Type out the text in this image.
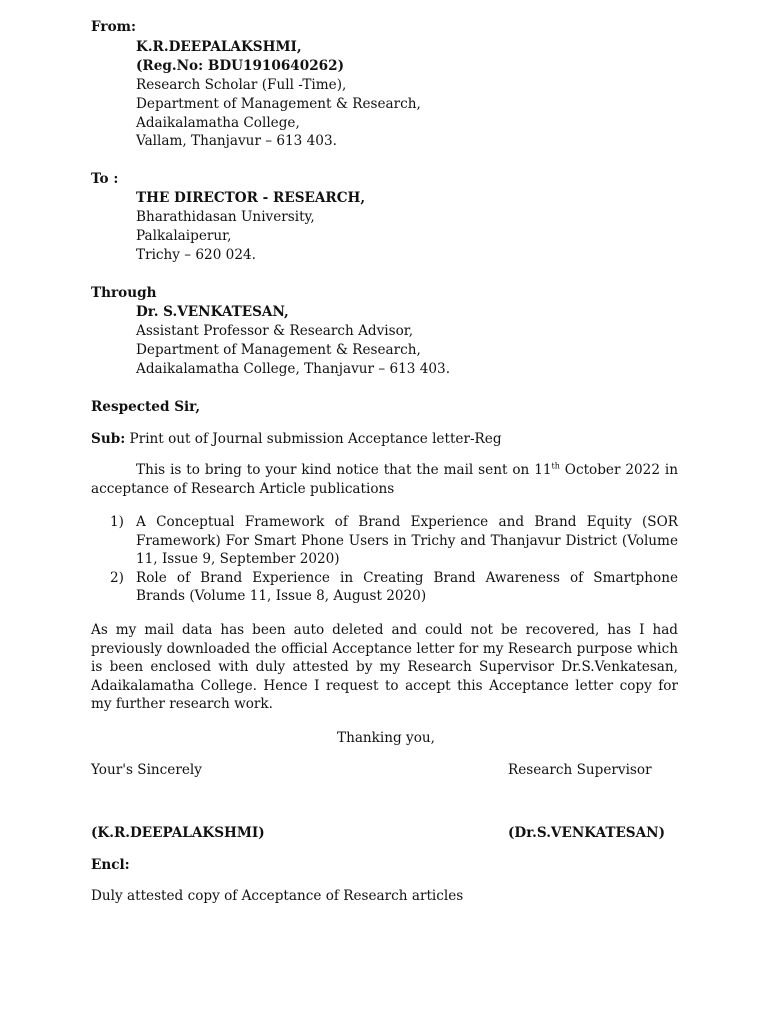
From:
K.R.DEEPALAKSHMI,
(Reg.No: BDU1910640262)
Research Scholar (Full -Time),
Department of Management & Research,
Adaikalamatha College,
Vallam, Thanjavur – 613 403.
To :
THE DIRECTOR - RESEARCH,
Bharathidasan University,
Palkalaiperur,
Trichy – 620 024.
Through
Dr. S.VENKATESAN,
Assistant Professor & Research Advisor,
Department of Management & Research,
Adaikalamatha College, Thanjavur – 613 403.
Respected Sir,
Sub: Print out of Journal submission Acceptance letter-Reg
This is to bring to your kind notice that the mail sent on 11th October 2022 in acceptance of Research Article publications
1) A Conceptual Framework of Brand Experience and Brand Equity (SOR Framework) For Smart Phone Users in Trichy and Thanjavur District (Volume 11, Issue 9, September 2020)
2) Role of Brand Experience in Creating Brand Awareness of Smartphone Brands (Volume 11, Issue 8, August 2020)
As my mail data has been auto deleted and could not be recovered, has I had previously downloaded the official Acceptance letter for my Research purpose which is been enclosed with duly attested by my Research Supervisor Dr.S.Venkatesan, Adaikalamatha College. Hence I request to accept this Acceptance letter copy for my further research work.
Thanking you,
Your's Sincerely	Research Supervisor
(K.R.DEEPALAKSHMI)	(Dr.S.VENKATESAN)
Encl:
Duly attested copy of Acceptance of Research articles
